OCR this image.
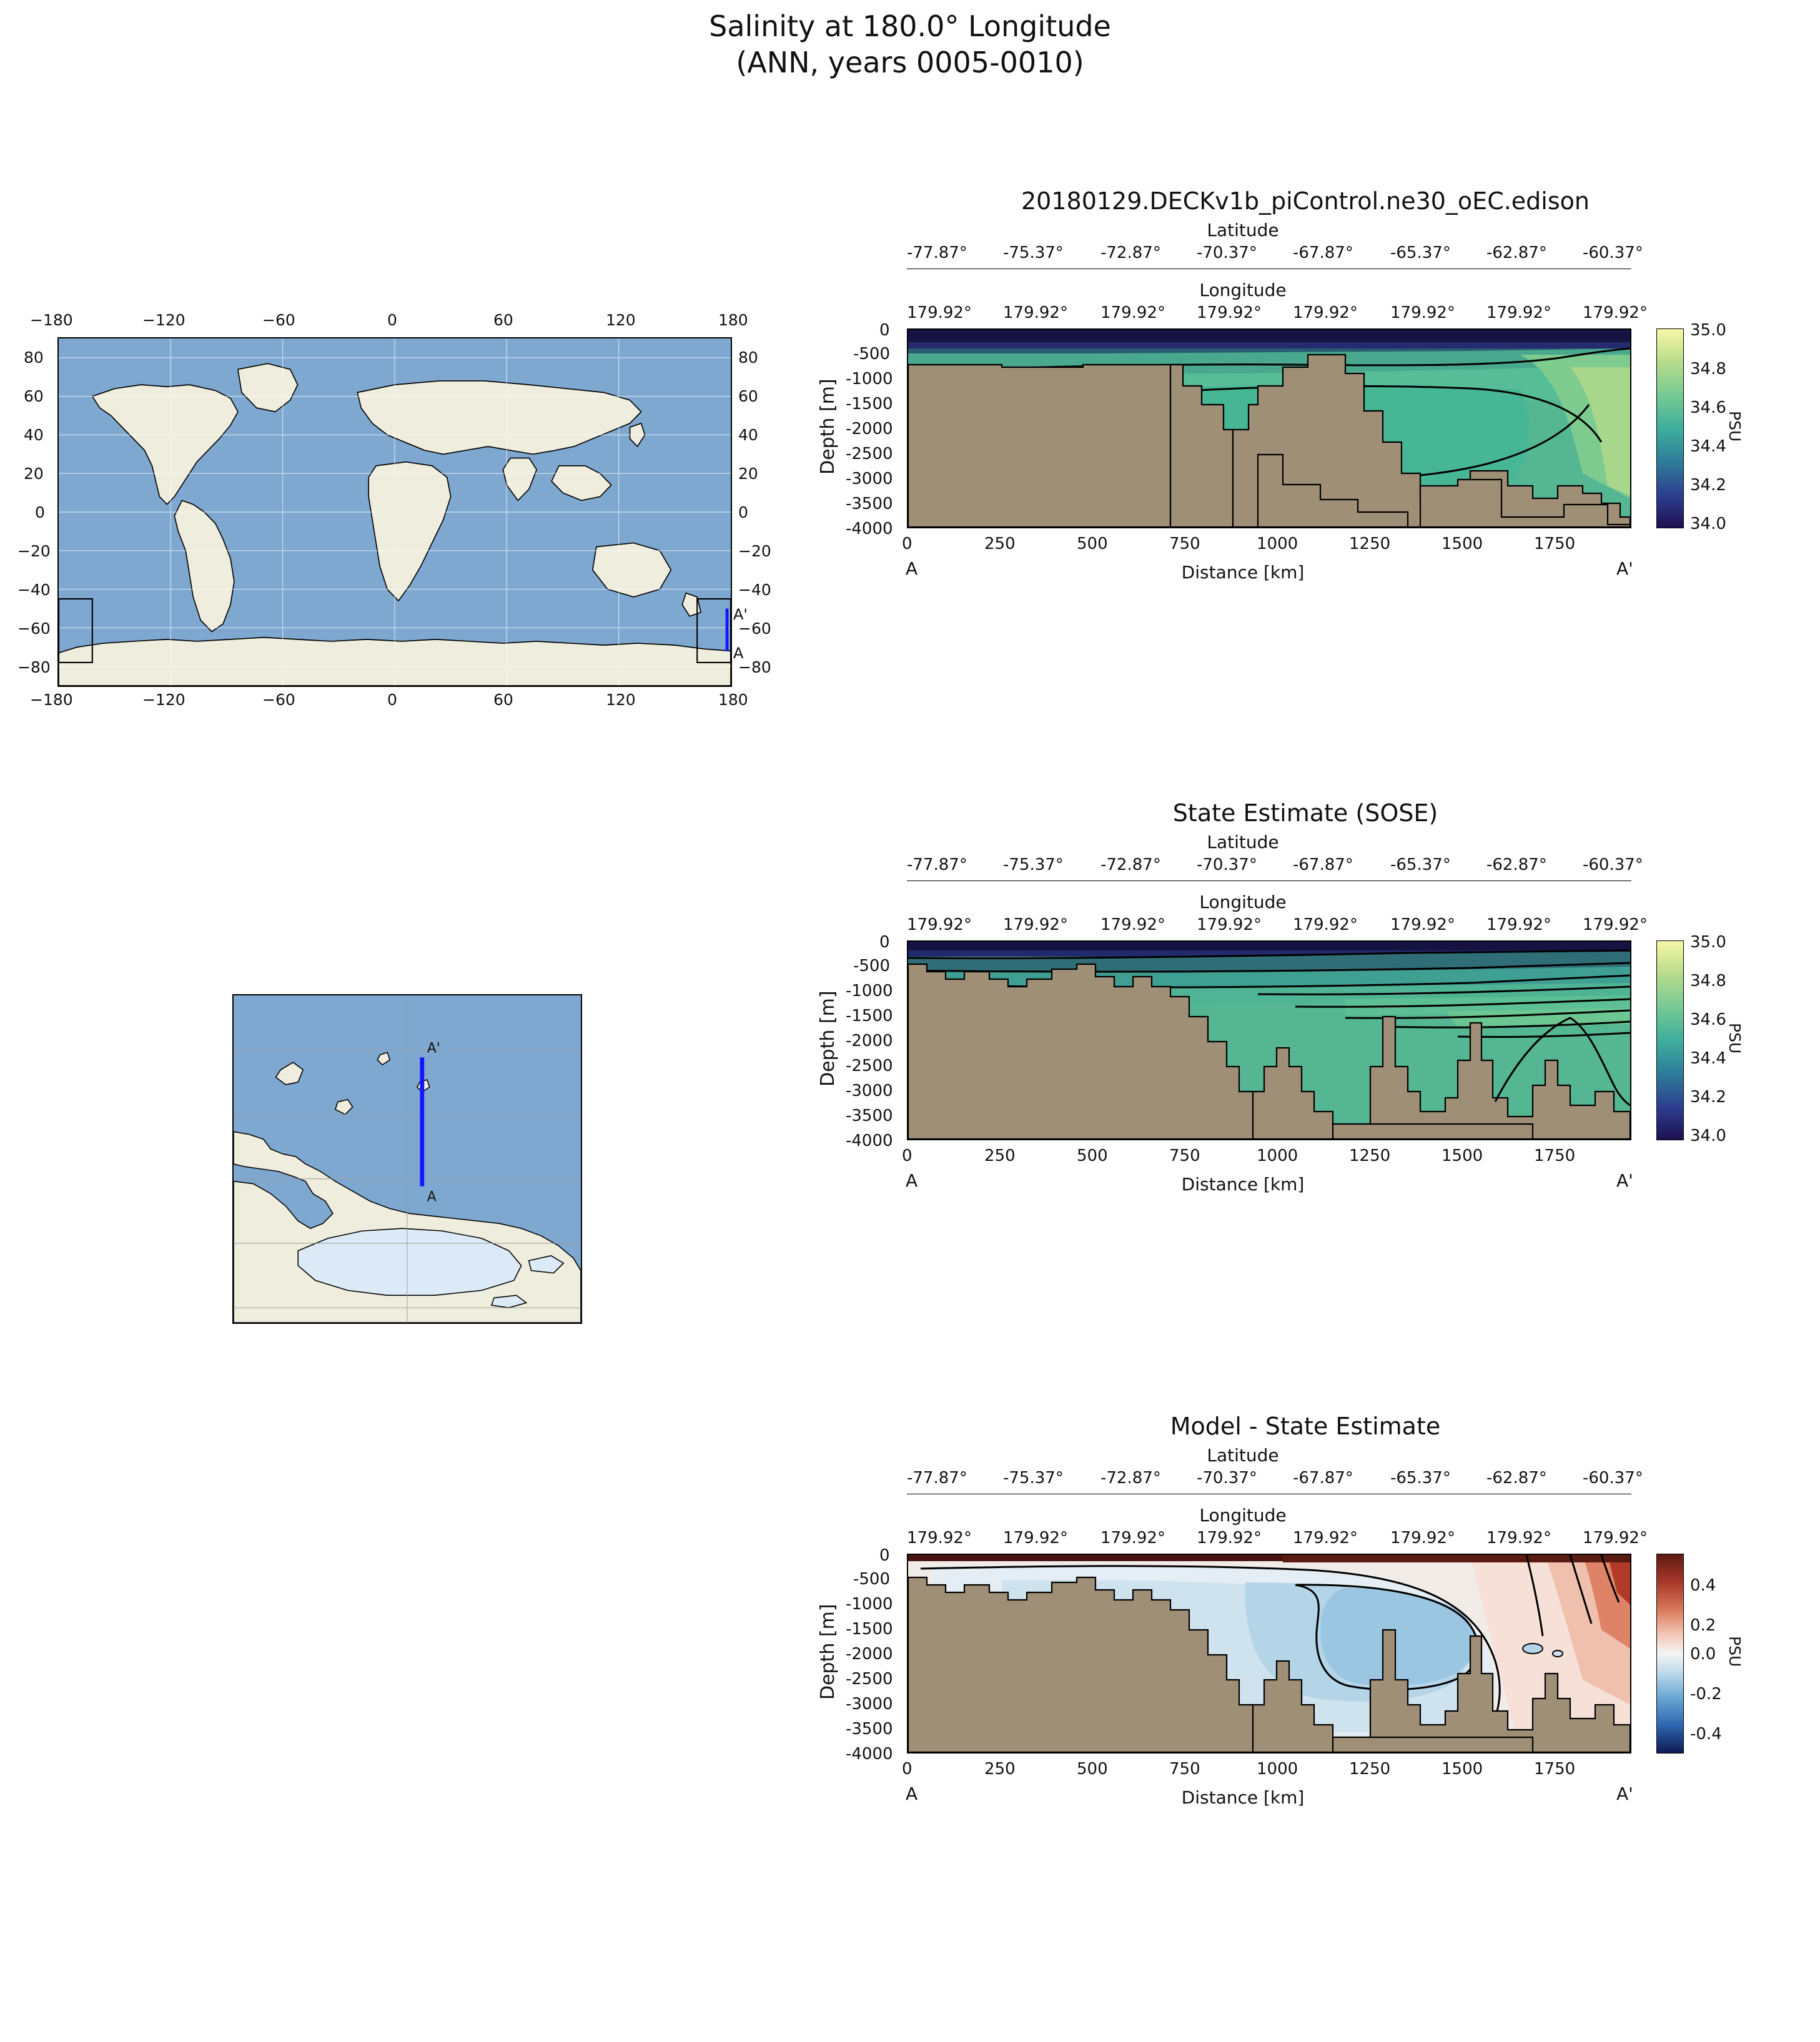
Salinity at 180.0° Longitude
(ANN, years 0005-0010)
−180	−120	−60	0	60	120	180
−180	−120	−60	0	60	120	180
80
60
40
20
0
−20
−40
−60
−80
80
60
40
20
0
−20
−40
−60
−80
A'
A
A'
A
20180129.DECKv1b_piControl.ne30_oEC.edison
Latitude
-77.87° -75.37° -72.87° -70.37° -67.87° -65.37° -62.87° -60.37°
Longitude
179.92° 179.92° 179.92° 179.92° 179.92° 179.92° 179.92° 179.92°
0
-500
-1000
-1500
-2000
-2500
-3000
-3500
-4000
Depth [m]
0	250	500	750	1000	1250	1500	1750
Distance [km]
A	A'
35.0
34.8
34.6
34.4
34.2
34.0
PSU
State Estimate (SOSE)
Latitude
-77.87° -75.37° -72.87° -70.37° -67.87° -65.37° -62.87° -60.37°
Longitude
179.92° 179.92° 179.92° 179.92° 179.92° 179.92° 179.92° 179.92°
0
-500
-1000
-1500
-2000
-2500
-3000
-3500
-4000
Depth [m]
0	250	500	750	1000	1250	1500	1750
Distance [km]
A	A'
35.0
34.8
34.6
34.4
34.2
34.0
PSU
Model - State Estimate
Latitude
-77.87° -75.37° -72.87° -70.37° -67.87° -65.37° -62.87° -60.37°
Longitude
179.92° 179.92° 179.92° 179.92° 179.92° 179.92° 179.92° 179.92°
0
-500
-1000
-1500
-2000
-2500
-3000
-3500
-4000
Depth [m]
0	250	500	750	1000	1250	1500	1750
Distance [km]
A	A'
0.4
0.2
0.0
-0.2
-0.4
PSU
